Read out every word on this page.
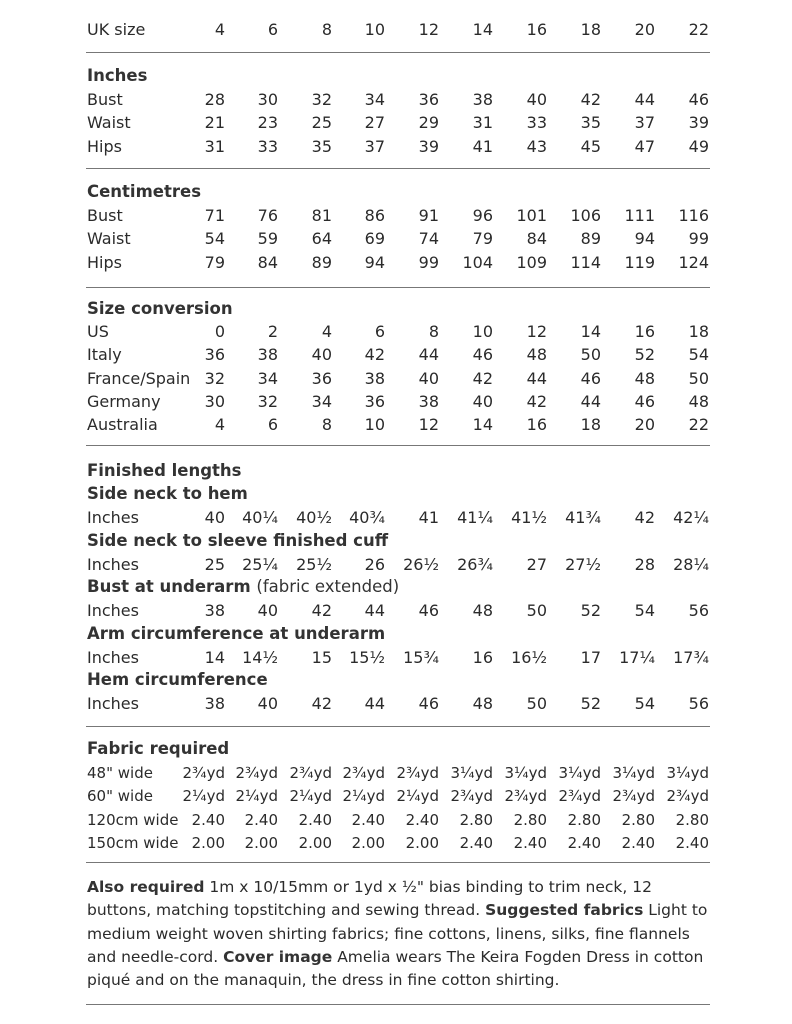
UK size	4	6	8 10 12 14 16 18 20 22
Inches
Bust	28 30 32 34 36 38 40 42 44 46
Waist	21 23 25 27 29 31 33 35 37 39
Hips	31 33 35 37 39 41 43 45 47 49
Centimetres
Bust	71 76 81 86 91 96 101 106 111 116
Waist	54 59 64 69 74 79 84 89 94 99
Hips	79 84 89 94 99 104 109 114 119 124
Size conversion
US	0	2	4	6	8 10 12 14 16 18
Italy	36 38 40 42 44 46 48 50 52 54
France/Spain 32 34 36 38 40 42 44 46 48 50
Germany	30 32 34 36 38 40 42 44 46 48
Australia	4	6	8 10 12 14 16 18 20 22
Finished lengths
Side neck to hem
Inches	40 40¼ 40½ 40¾ 41 41¼ 41½ 41¾ 42 42¼
Side neck to sleeve finished cuff
Inches	25 25¼ 25½ 26 26½ 26¾ 27 27½ 28 28¼
Bust at underarm (fabric extended)
Inches	38 40 42 44 46 48 50 52 54 56
Arm circumference at underarm
Inches	14 14½ 15 15½ 15¾ 16 16½ 17 17¼ 17¾
Hem circumference
Inches	38 40 42 44 46 48 50 52 54 56
Fabric required
48" wide 2¾yd 2¾yd 2¾yd 2¾yd 2¾yd 3¼yd 3¼yd 3¼yd 3¼yd 3¼yd
60" wide 2¼yd 2¼yd 2¼yd 2¼yd 2¼yd 2¾yd 2¾yd 2¾yd 2¾yd 2¾yd
120cm wide 2.40 2.40 2.40 2.40 2.40 2.80 2.80 2.80 2.80 2.80
150cm wide 2.00 2.00 2.00 2.00 2.00 2.40 2.40 2.40 2.40 2.40
Also required 1m x 10/15mm or 1yd x ½" bias binding to trim neck, 12 buttons, matching topstitching and sewing thread. Suggested fabrics Light to medium weight woven shirting fabrics; fine cottons, linens, silks, fine flannels and needle-cord. Cover image Amelia wears The Keira Fogden Dress in cotton piqué and on the manaquin, the dress in fine cotton shirting.
